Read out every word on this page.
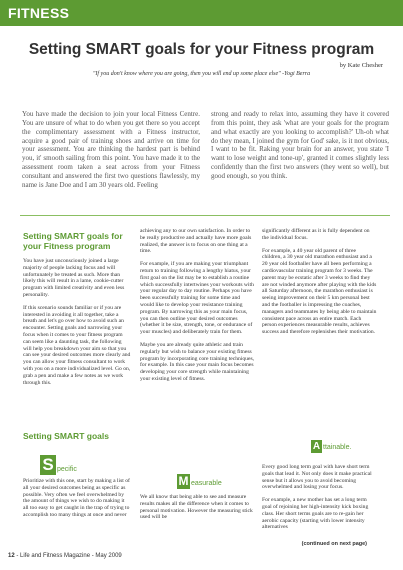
FITNESS
Setting SMART goals for your Fitness program
by Kate Chesher
"If you don't know where you are going, then you will end up some place else" -Yogi Berra
You have made the decision to join your local Fitness Centre. You are unsure of what to do when you get there so you accept the complimentary assessment with a Fitness instructor, acquire a good pair of training shoes and arrive on time for your assessment. You are thinking the hardest part is behind you, it' smooth sailing from this point. You have made it to the assessment room taken a seat across from your Fitness consultant and answered the first two questions flawlessly, my name is Jane Doe and I am 30 years old. Feeling
strong and ready to relax into, assuming they have it covered from this point, they ask 'what are your goals for the program and what exactly are you looking to accomplish?' Uh-oh what do they mean, I joined the gym for God' sake, is it not obvious, I want to be fit. Raking your brain for an answer, you state 'I want to lose weight and tone-up', granted it comes slightly less confidently than the first two answers (they went so well), but good enough, so you think.
Setting SMART goals for your Fitness program

You have just unconsciously joined a large majority of people lacking focus and will unfortunately be treated as such. More than likely this will result in a lame, cookie-cutter program with limited creativity and even less personality.

If this scenario sounds familiar or if you are interested in avoiding it all together, take a breath and let's go over how to avoid such an encounter. Setting goals and narrowing your focus when it comes to your fitness program can seem like a daunting task, the following will help you breakdown your aim so that you can see your desired outcomes more clearly and you can allow your fitness consultant to work with you on a more individualized level. Go on, grab a pen and make a few notes as we work through this.

Setting SMART goals
S pecific

Prioritize with this one, start by making a list of all your desired outcomes being as specific as possible. Very often we feel overwhelmed by the amount of things we wish to do making it all too easy to get caught in the trap of trying to accomplish too many things at once and never

achieving any to our own satisfaction. In order to be really productive and actually have more goals realized, the answer is to focus on one thing at a time.

For example, if you are making your triumphant return to training following a lengthy hiatus, your first goal on the list may be to establish a routine which successfully intertwines your workouts with your regular day to day routine. Perhaps you have been successfully training for some time and would like to develop your resistance training program. By narrowing this as your main focus, you can then outline your desired outcomes (whether it be size, strength, tone, or endurance of your muscles) and deliberately train for them.

Maybe you are already quite athletic and train regularly but wish to balance your existing fitness program by incorporating core training techniques, for example. In this case your main focus becomes developing your core strength while maintaining your existing level of fitness.

M easurable

We all know that being able to see and measure results makes all the difference when it comes to personal motivation. However the measuring stick used will be

significantly different as it is fully dependent on the individual focus.

For example, a 40 year old parent of three children, a 30 year old marathon enthusiast and a 20 year old footballer have all been performing a cardiovascular training program for 3 weeks. The parent may be ecstatic after 3 weeks to find they are not winded anymore after playing with the kids all Saturday afternoon, the marathon enthusiast is seeing improvement on their 5 km personal best and the footballer is impressing the coaches, managers and teammates by being able to maintain consistent pace across an entire match. Each person experiences measurable results, achieves success and therefore replenishes their motivation.

A ttainable.

Every good long term goal with have short term goals that lead it. Not only does it make practical sense but it allows you to avoid becoming overwhelmed and losing your focus.

For example, a new mother has set a long term goal of rejoining her high-intensity kick boxing class. Her short terms goals are to re-gain her aerobic capacity (starting with lower intensity alternatives

(continued on next page)
12 - Life and Fitness Magazine - May 2009
